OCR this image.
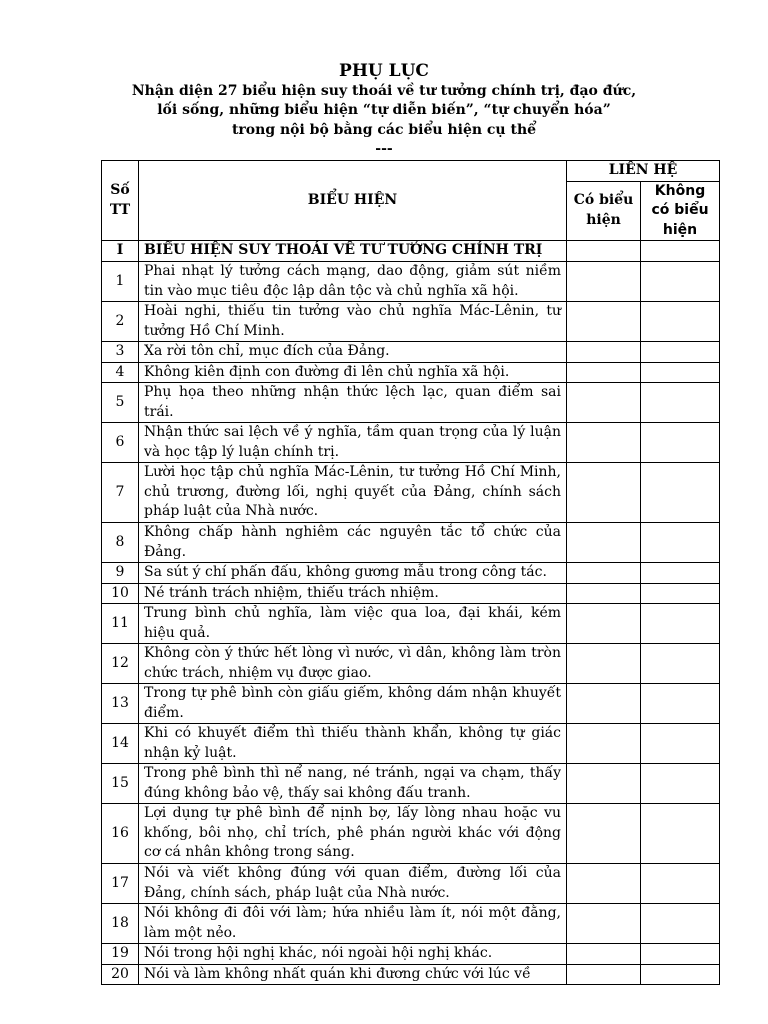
PHỤ LỤC

Nhận diện 27 biểu hiện suy thoái về tư tưởng chính trị, đạo đức,

lối sống, những biểu hiện “tự diễn biến”, “tự chuyển hóa”

trong nội bộ bằng các biểu hiện cụ thể

---

Số TT	BIỂU HIỆN	LIÊN HỆ	
		Có biểu hiện	Không có biểu hiện
I	BIỂU HIỆN SUY THOÁI VỀ TƯ TƯỞNG CHÍNH TRỊ		
1	Phai nhạt lý tưởng cách mạng, dao động, giảm sút niềm tin vào mục tiêu độc lập dân tộc và chủ nghĩa xã hội.		
2	Hoài nghi, thiếu tin tưởng vào chủ nghĩa Mác-Lênin, tư tưởng Hồ Chí Minh.		
3	Xa rời tôn chỉ, mục đích của Đảng.		
4	Không kiên định con đường đi lên chủ nghĩa xã hội.		
5	Phụ họa theo những nhận thức lệch lạc, quan điểm sai trái.		
6	Nhận thức sai lệch về ý nghĩa, tầm quan trọng của lý luận và học tập lý luận chính trị.		
7	Lười học tập chủ nghĩa Mác-Lênin, tư tưởng Hồ Chí Minh, chủ trương, đường lối, nghị quyết của Đảng, chính sách pháp luật của Nhà nước.		
8	Không chấp hành nghiêm các nguyên tắc tổ chức của Đảng.		
9	Sa sút ý chí phấn đấu, không gương mẫu trong công tác.		
10	Né tránh trách nhiệm, thiếu trách nhiệm.		
11	Trung bình chủ nghĩa, làm việc qua loa, đại khái, kém hiệu quả.		
12	Không còn ý thức hết lòng vì nước, vì dân, không làm tròn chức trách, nhiệm vụ được giao.		
13	Trong tự phê bình còn giấu giếm, không dám nhận khuyết điểm.		
14	Khi có khuyết điểm thì thiếu thành khẩn, không tự giác nhận kỷ luật.		
15	Trong phê bình thì nể nang, né tránh, ngại va chạm, thấy đúng không bảo vệ, thấy sai không đấu tranh.		
16	Lợi dụng tự phê bình để nịnh bợ, lấy lòng nhau hoặc vu khống, bôi nhọ, chỉ trích, phê phán người khác với động cơ cá nhân không trong sáng.		
17	Nói và viết không đúng với quan điểm, đường lối của Đảng, chính sách, pháp luật của Nhà nước.		
18	Nói không đi đôi với làm; hứa nhiều làm ít, nói một đằng, làm một nẻo.		
19	Nói trong hội nghị khác, nói ngoài hội nghị khác.		
20	Nói và làm không nhất quán khi đương chức với lúc về		
